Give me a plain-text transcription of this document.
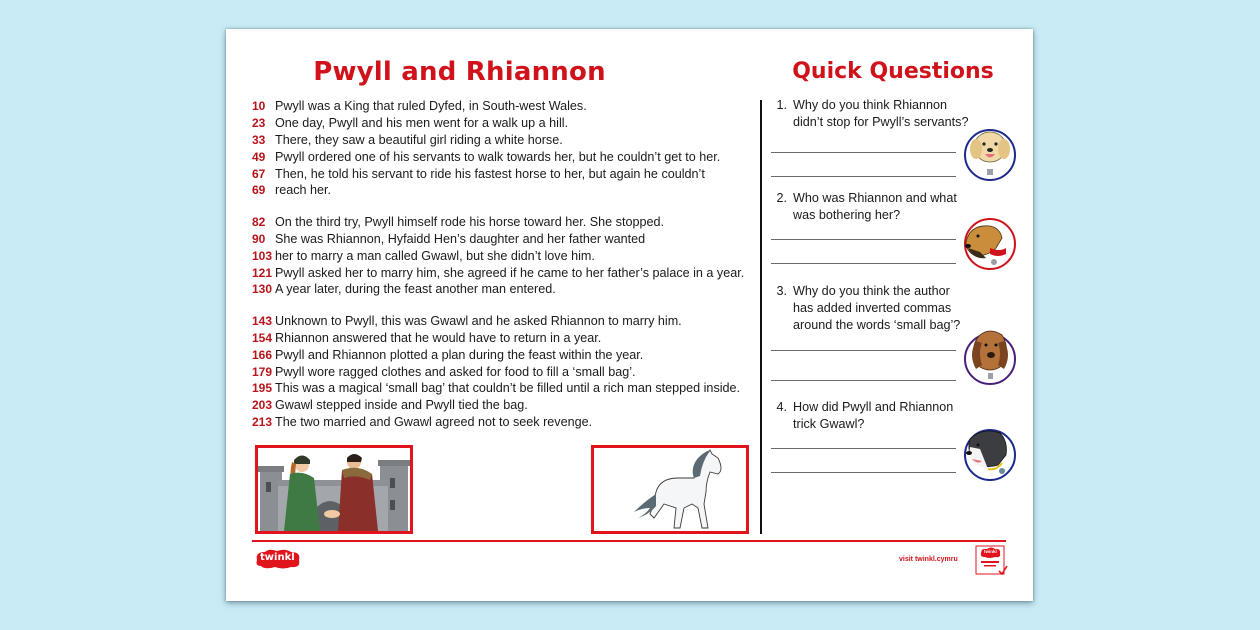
Pwyll and Rhiannon
10 Pwyll was a King that ruled Dyfed, in South-west Wales.
23 One day, Pwyll and his men went for a walk up a hill.
33 There, they saw a beautiful girl riding a white horse.
49 Pwyll ordered one of his servants to walk towards her, but he couldn’t get to her.
67 Then, he told his servant to ride his fastest horse to her, but again he couldn’t
69 reach her.
82 On the third try, Pwyll himself rode his horse toward her. She stopped.
90 She was Rhiannon, Hyfaidd Hen’s daughter and her father wanted
103 her to marry a man called Gwawl, but she didn’t love him.
121 Pwyll asked her to marry him, she agreed if he came to her father’s palace in a year.
130 A year later, during the feast another man entered.
143 Unknown to Pwyll, this was Gwawl and he asked Rhiannon to marry him.
154 Rhiannon answered that he would have to return in a year.
166 Pwyll and Rhiannon plotted a plan during the feast within the year.
179 Pwyll wore ragged clothes and asked for food to fill a ‘small bag’.
195 This was a magical ‘small bag’ that couldn’t be filled until a rich man stepped inside.
203 Gwawl stepped inside and Pwyll tied the bag.
213 The two married and Gwawl agreed not to seek revenge.
Quick Questions
1. Why do you think Rhiannon didn’t stop for Pwyll’s servants?
2. Who was Rhiannon and what was bothering her?
3. Why do you think the author has added inverted commas around the words ‘small bag’?
4. How did Pwyll and Rhiannon trick Gwawl?
twinkl	visit twinkl.cymru
twinkl
